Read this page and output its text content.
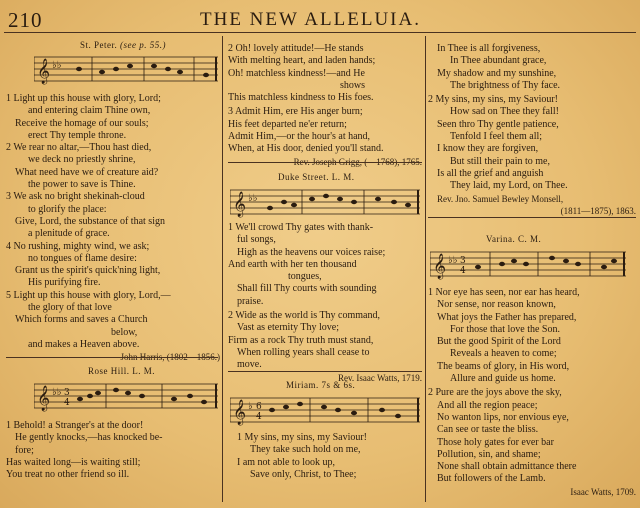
210	THE NEW ALLELUIA.
St. Peter. (see p. 55.)
𝄞 ♭♭

1 Light up this house with glory, Lord;

and entering claim Thine own,

Receive the homage of our souls;

erect Thy temple throne.

2 We rear no altar,—Thou hast died,

we deck no priestly shrine,

What need have we of creature aid?

the power to save is Thine.

3 We ask no bright shekinah-cloud

to glorify the place:

Give, Lord, the substance of that sign

a plenitude of grace.

4 No rushing, mighty wind, we ask;

no tongues of flame desire:

Grant us the spirit's quick'ning light,

His purifying fire.

5 Light up this house with glory, Lord,—

the glory of that love

Which forms and saves a Church

below,

and makes a Heaven above.

John Harris, (1802—1856.)

Rose Hill. L. M.
𝄞 ♭♭ 3
4

1 Behold! a Stranger's at the door!

He gently knocks,—has knocked be-

fore;

Has waited long—is waiting still;

You treat no other friend so ill.

2 Oh! lovely attitude!—He stands

With melting heart, and laden hands;

Oh! matchless kindness!—and He

shows

This matchless kindness to His foes.

3 Admit Him, ere His anger burn;

His feet departed ne'er return;

Admit Him,—or the hour's at hand,

When, at His door, denied you'll stand.

Rev. Joseph Grigg, (—1768), 1765.

Duke Street. L. M.
𝄞 ♭♭

1 We'll crowd Thy gates with thank-

ful songs,

High as the heavens our voices raise;

And earth with her ten thousand

tongues,

Shall fill Thy courts with sounding

praise.

2 Wide as the world is Thy command,

Vast as eternity Thy love;

Firm as a rock Thy truth must stand,

When rolling years shall cease to

move.

Rev. Isaac Watts, 1719.

Miriam. 7s & 6s.
𝄞 ♭ 6
4

1 My sins, my sins, my Saviour!

They take such hold on me,

I am not able to look up,

Save only, Christ, to Thee;

In Thee is all forgiveness,

In Thee abundant grace,

My shadow and my sunshine,

The brightness of Thy face.

2 My sins, my sins, my Saviour!

How sad on Thee they fall!

Seen thro Thy gentle patience,

Tenfold I feel them all;

I know they are forgiven,

But still their pain to me,

Is all the grief and anguish

They laid, my Lord, on Thee.

Rev. Jno. Samuel Bewley Monsell,

(1811—1875), 1863.

Varina. C. M.
𝄞 ♭♭ 3
4

1 Nor eye has seen, nor ear has heard,

Nor sense, nor reason known,

What joys the Father has prepared,

For those that love the Son.

But the good Spirit of the Lord

Reveals a heaven to come;

The beams of glory, in His word,

Allure and guide us home.

2 Pure are the joys above the sky,

And all the region peace;

No wanton lips, nor envious eye,

Can see or taste the bliss.

Those holy gates for ever bar

Pollution, sin, and shame;

None shall obtain admittance there

But followers of the Lamb.

Isaac Watts, 1709.
